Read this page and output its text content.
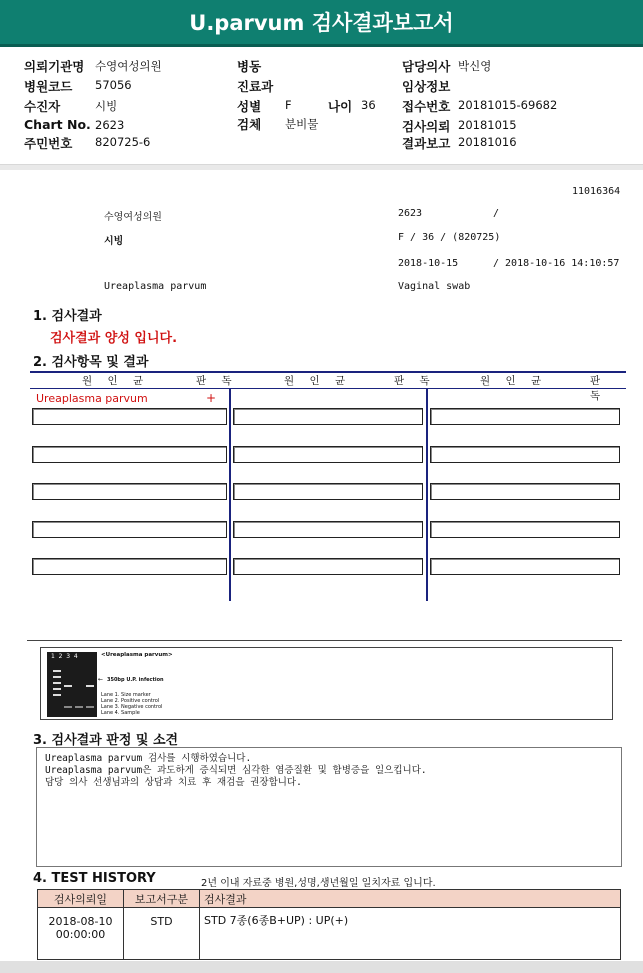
U.parvum 검사결과보고서
의뢰기관명 수영여성의원
병원코드 57056
수진자	시빙
Chart No. 2623
주민번호 820725-6
병동
진료과
성별 F	나이 36
검체 분비물
담당의사 박신영
임상정보
접수번호 20181015-69682
검사의뢰 20181015
결과보고 20181016
11016364
수영여성의원	2623	/
시빙	F / 36 / (820725)
2018-10-15	/ 2018-10-16 14:10:57
Ureaplasma parvum	Vaginal swab
1. 검사결과
검사결과 양성 입니다.
2. 검사항목 및 결과
원 인 균	판 독	원 인 균	판 독	원 인 균	판 독
Ureaplasma parvum	+
1  2  3  4	<Ureaplasma parvum>
← 350bp U.P. infection
Lane 1. Size marker
Lane 2. Positive control
Lane 3. Negative control
Lane 4. Sample
3. 검사결과 판정 및 소견
Ureaplasma parvum 검사를 시행하였습니다.
Ureaplasma parvum은 과도하게 증식되면 심각한 염증질환 및 합병증을 일으킵니다.
담당 의사 선생님과의 상담과 치료 후 재검을 권장합니다.
4. TEST HISTORY	2년 이내 자료중 병원,성명,생년월일 일치자료 입니다.
검사의뢰일	보고서구분	검사결과

2018-08-10
00:00:00	STD	STD 7종(6종B+UP) : UP(+)
